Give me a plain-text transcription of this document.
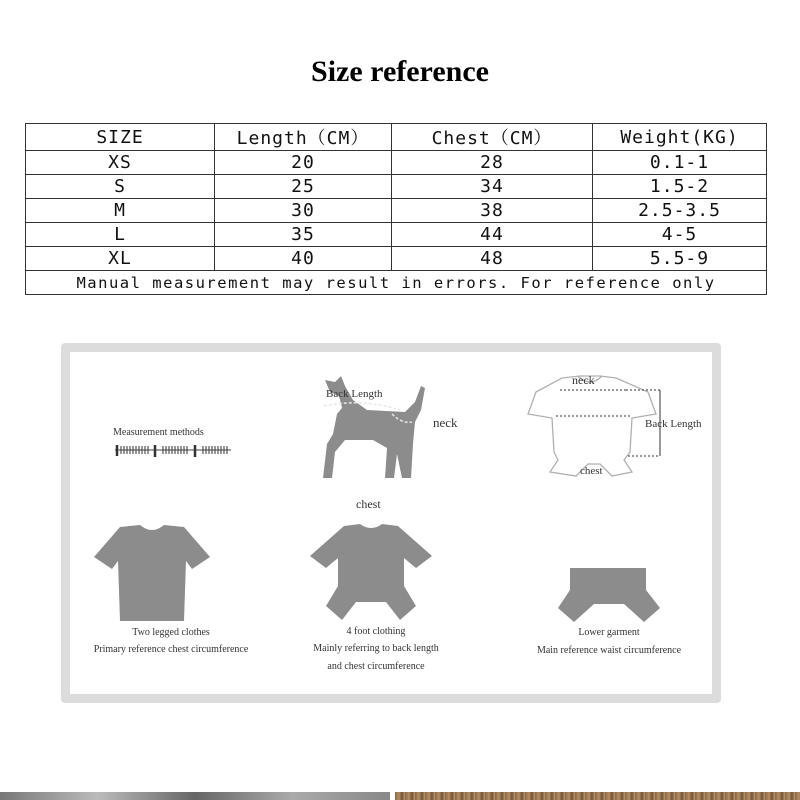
Size reference
SIZE	Length（CM）	Chest（CM）	Weight(KG)
XS	20	28	0.1-1
S	25	34	1.5-2
M	30	38	2.5-3.5
L	35	44	4-5
XL	40	48	5.5-9
Manual measurement may result in errors. For reference only			
Measurement methods
Back Length
neck
chest
neck
Back Length
chest
Two legged clothes
Primary reference chest circumference
4 foot clothing
Mainly referring to back length
and chest circumference
Lower garment
Main reference waist circumference
